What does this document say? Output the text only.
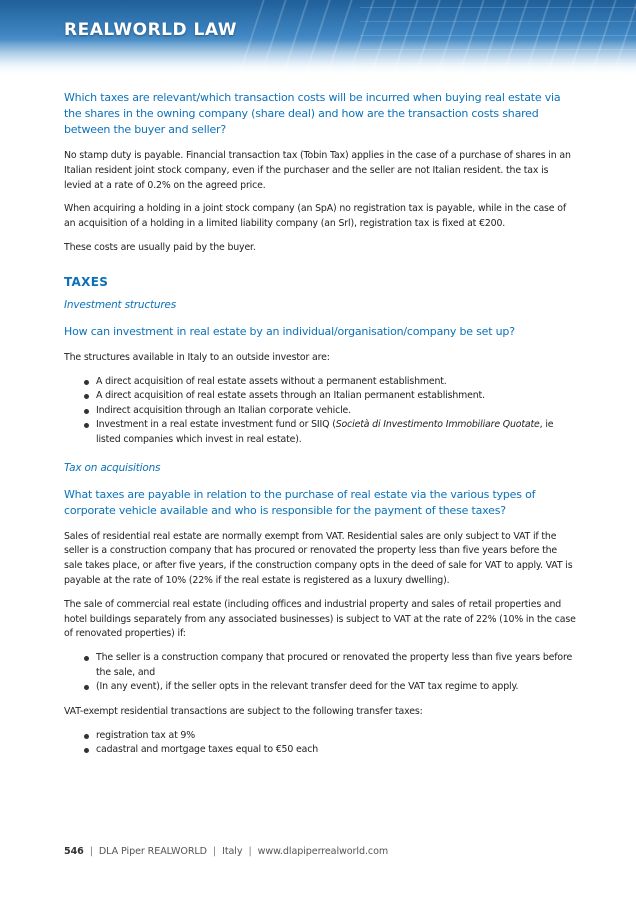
REALWORLD LAW

Which taxes are relevant/which transaction costs will be incurred when buying real estate via the shares in the owning company (share deal) and how are the transaction costs shared between the buyer and seller?

No stamp duty is payable. Financial transaction tax (Tobin Tax) applies in the case of a purchase of shares in an Italian resident joint stock company, even if the purchaser and the seller are not Italian resident. the tax is levied at a rate of 0.2% on the agreed price.

When acquiring a holding in a joint stock company (an SpA) no registration tax is payable, while in the case of an acquisition of a holding in a limited liability company (an Srl), registration tax is fixed at €200.

These costs are usually paid by the buyer.

TAXES
Investment structures

How can investment in real estate by an individual/organisation/company be set up?

The structures available in Italy to an outside investor are:

A direct acquisition of real estate assets without a permanent establishment.
A direct acquisition of real estate assets through an Italian permanent establishment.
Indirect acquisition through an Italian corporate vehicle.
Investment in a real estate investment fund or SIIQ (Società di Investimento Immobiliare Quotate, ie listed companies which invest in real estate).
Tax on acquisitions

What taxes are payable in relation to the purchase of real estate via the various types of corporate vehicle available and who is responsible for the payment of these taxes?

Sales of residential real estate are normally exempt from VAT. Residential sales are only subject to VAT if the seller is a construction company that has procured or renovated the property less than five years before the sale takes place, or after five years, if the construction company opts in the deed of sale for VAT to apply. VAT is payable at the rate of 10% (22% if the real estate is registered as a luxury dwelling).

The sale of commercial real estate (including offices and industrial property and sales of retail properties and hotel buildings separately from any associated businesses) is subject to VAT at the rate of 22% (10% in the case of renovated properties) if:

The seller is a construction company that procured or renovated the property less than five years before the sale, and
(In any event), if the seller opts in the relevant transfer deed for the VAT tax regime to apply.

VAT-exempt residential transactions are subject to the following transfer taxes:

registration tax at 9%
cadastral and mortgage taxes equal to €50 each
546 | DLA Piper REALWORLD | Italy | www.dlapiperrealworld.com
